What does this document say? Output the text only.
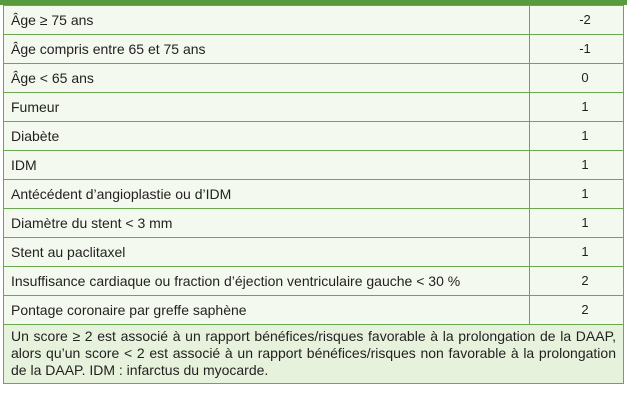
Âge ≥ 75 ans	-2
Âge compris entre 65 et 75 ans	-1
Âge < 65 ans	0
Fumeur	1
Diabète	1
IDM	1
Antécédent d’angioplastie ou d’IDM	1
Diamètre du stent < 3 mm	1
Stent au paclitaxel	1
Insuffisance cardiaque ou fraction d’éjection ventriculaire gauche < 30 %	2
Pontage coronaire par greffe saphène	2
Un score ≥ 2 est associé à un rapport bénéfices/risques favorable à la prolongation de la DAAP, alors qu’un score < 2 est associé à un rapport bénéfices/risques non favorable à la prolongation de la DAAP. IDM : infarctus du myocarde.	
